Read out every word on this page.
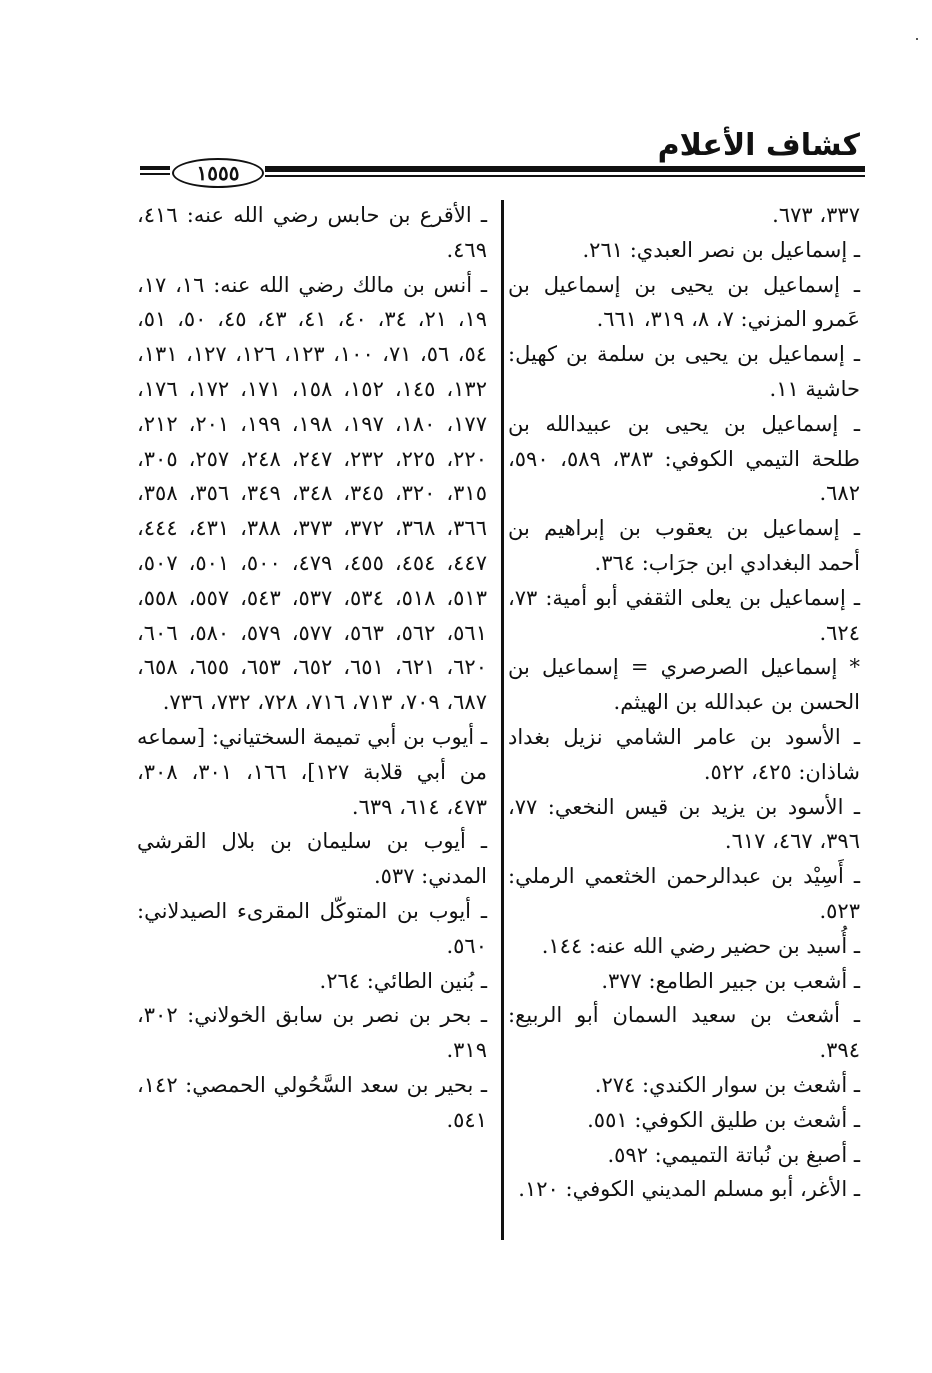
كشاف الأعلام
١٥٥٥

٣٣٧، ٦٧٣.

ـ إسماعيل بن نصر العبدي: ٢٦١.

ـ إسماعيل بن يحيى بن إسماعيل بن عَمرو المزني: ٧، ٨، ٣١٩، ٦٦١.

ـ إسماعيل بن يحيى بن سلمة بن كهيل: حاشية ١١.

ـ إسماعيل بن يحيى بن عبيدالله بن طلحة التيمي الكوفي: ٣٨٣، ٥٨٩، ٥٩٠، ٦٨٢.

ـ إسماعيل بن يعقوب بن إبراهيم بن أحمد البغدادي ابن جرَاب: ٣٦٤.

ـ إسماعيل بن يعلى الثقفي أبو أمية: ٧٣، ٦٢٤.

* إسماعيل الصرصري = إسماعيل بن الحسن بن عبدالله بن الهيثم.

ـ الأسود بن عامر الشامي نزيل بغداد شاذان: ٤٢٥، ٥٢٢.

ـ الأسود بن يزيد بن قيس النخعي: ٧٧، ٣٩٦، ٤٦٧، ٦١٧.

ـ أَسِيْد بن عبدالرحمن الخثعمي الرملي: ٥٢٣.

ـ أُسيد بن حضير رضي الله عنه: ١٤٤.

ـ أشعب بن جبير الطامع: ٣٧٧.

ـ أشعث بن سعيد السمان أبو الربيع: ٣٩٤.

ـ أشعث بن سوار الكندي: ٢٧٤.

ـ أشعث بن طليق الكوفي: ٥٥١.

ـ أصبغ بن نُباتة التميمي: ٥٩٢.

ـ الأغر، أبو مسلم المديني الكوفي: ١٢٠.

ـ الأقرع بن حابس رضي الله عنه: ٤١٦، ٤٦٩.

ـ أنس بن مالك رضي الله عنه: ١٦، ١٧، ١٩، ٢١، ٣٤، ٤٠، ٤١، ٤٣، ٤٥، ٥٠، ٥١، ٥٤، ٥٦، ٧١، ١٠٠، ١٢٣، ١٢٦، ١٢٧، ١٣١، ١٣٢، ١٤٥، ١٥٢، ١٥٨، ١٧١، ١٧٢، ١٧٦، ١٧٧، ١٨٠، ١٩٧، ١٩٨، ١٩٩، ٢٠١، ٢١٢، ٢٢٠، ٢٢٥، ٢٣٢، ٢٤٧، ٢٤٨، ٢٥٧، ٣٠٥، ٣١٥، ٣٢٠، ٣٤٥، ٣٤٨، ٣٤٩، ٣٥٦، ٣٥٨، ٣٦٦، ٣٦٨، ٣٧٢، ٣٧٣، ٣٨٨، ٤٣١، ٤٤٤، ٤٤٧، ٤٥٤، ٤٥٥، ٤٧٩، ٥٠٠، ٥٠١، ٥٠٧، ٥١٣، ٥١٨، ٥٣٤، ٥٣٧، ٥٤٣، ٥٥٧، ٥٥٨، ٥٦١، ٥٦٢، ٥٦٣، ٥٧٧، ٥٧٩، ٥٨٠، ٦٠٦، ٦٢٠، ٦٢١، ٦٥١، ٦٥٢، ٦٥٣، ٦٥٥، ٦٥٨، ٦٨٧، ٧٠٩، ٧١٣، ٧١٦، ٧٢٨، ٧٣٢، ٧٣٦.

ـ أيوب بن أبي تميمة السختياني: [سماعه من أبي قلابة ١٢٧]، ١٦٦، ٣٠١، ٣٠٨، ٤٧٣، ٦١٤، ٦٣٩.

ـ أيوب بن سليمان بن بلال القرشي المدني: ٥٣٧.

ـ أيوب بن المتوكّل المقرىء الصيدلاني: ٥٦٠.

ـ بُنين الطائي: ٢٦٤.

ـ بحر بن نصر بن سابق الخولاني: ٣٠٢، ٣١٩.

ـ بحير بن سعد السَّحُولي الحمصي: ١٤٢، ٥٤١.
